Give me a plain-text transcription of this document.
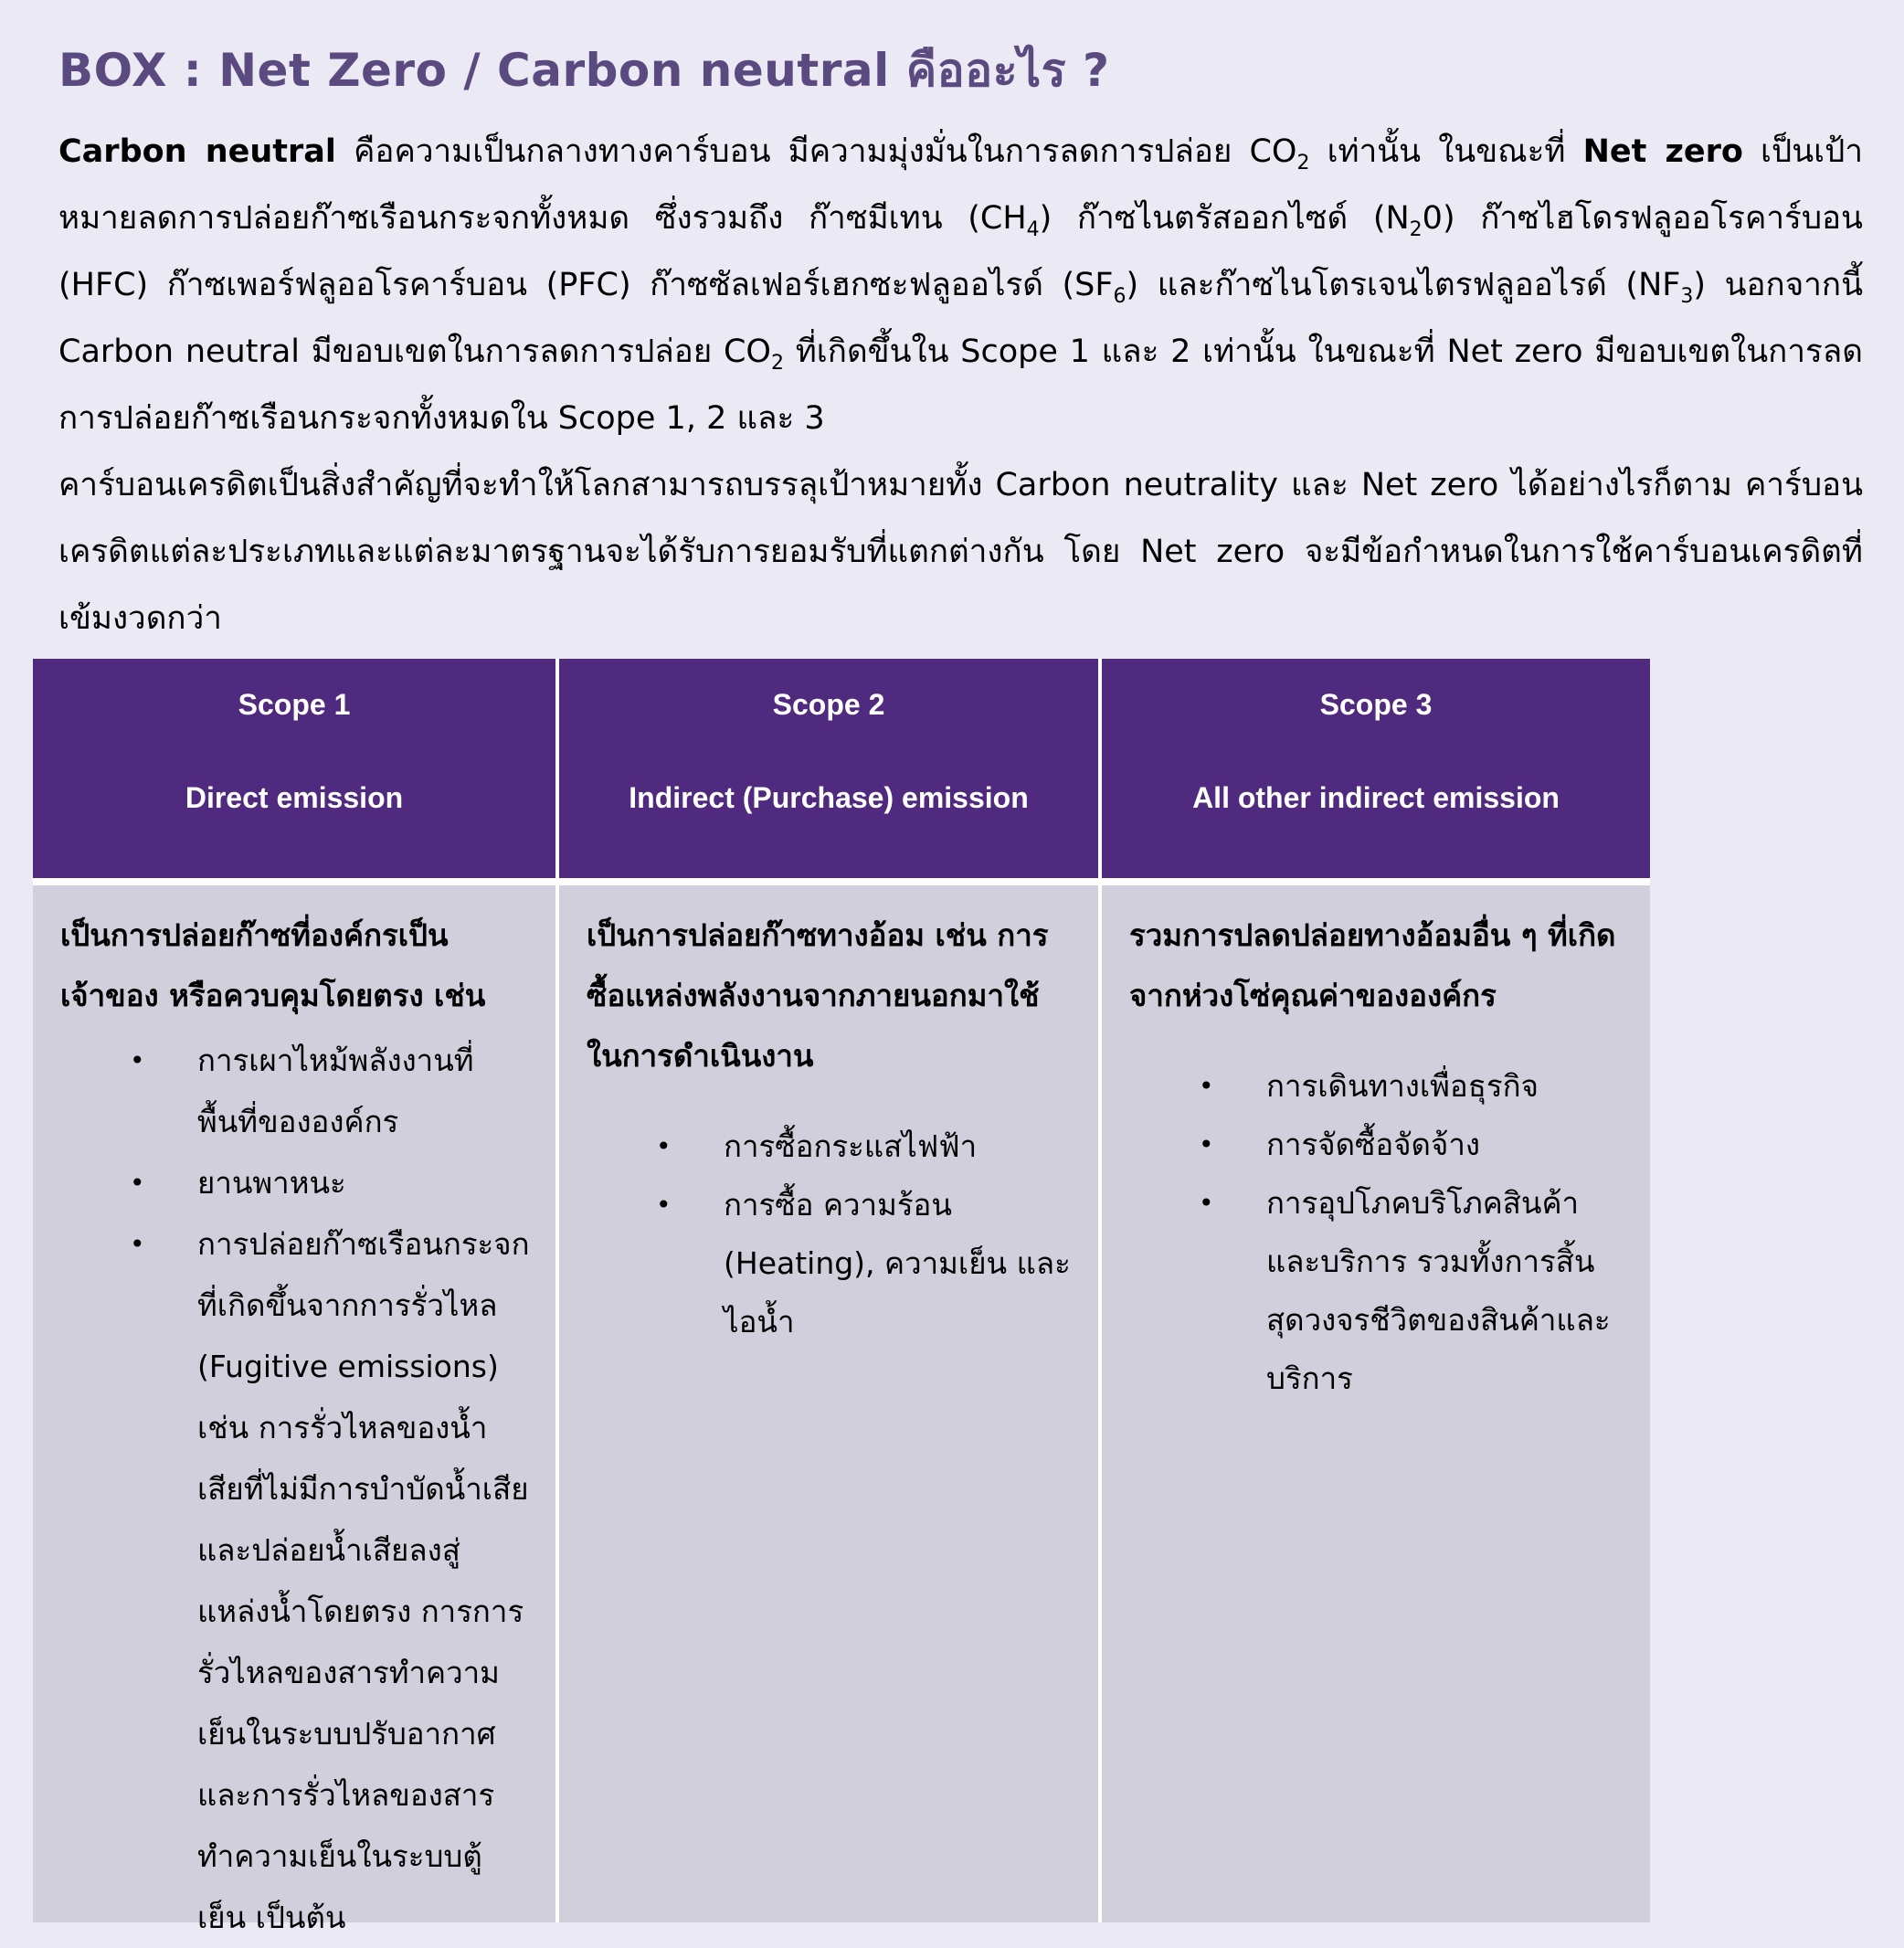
BOX : Net Zero / Carbon neutral คืออะไร ?

Carbon neutral คือความเป็นกลางทางคาร์บอน มีความมุ่งมั่นในการลดการปล่อย $CO_2$ เท่านั้น ในขณะที่ Net zero เป็นเป้าหมายลดการปล่อยก๊าซเรือนกระจกทั้งหมด ซึ่งรวมถึง ก๊าซมีเทน $(CH_4)$ ก๊าซไนตรัสออกไซด์ $(N_20)$ ก๊าซไฮโดรฟลูออโรคาร์บอน (HFC) ก๊าซเพอร์ฟลูออโรคาร์บอน (PFC) ก๊าซซัลเฟอร์เฮกซะฟลูออไรด์ $(SF_6)$ และก๊าซไนโตรเจนไตรฟลูออไรด์ $(NF_3)$ นอกจากนี้ Carbon neutral มีขอบเขตในการลดการปล่อย $CO_2$ ที่เกิดขึ้นใน Scope 1 และ 2 เท่านั้น ในขณะที่ Net zero มีขอบเขตในการลดการปล่อยก๊าซเรือนกระจกทั้งหมดใน Scope 1, 2 และ 3

คาร์บอนเครดิตเป็นสิ่งสำคัญที่จะทำให้โลกสามารถบรรลุเป้าหมายทั้ง Carbon neutrality และ Net zero ได้อย่างไรก็ตาม คาร์บอนเครดิตแต่ละประเภทและแต่ละมาตรฐานจะได้รับการยอมรับที่แตกต่างกัน โดย Net zero จะมีข้อกำหนดในการใช้คาร์บอนเครดิตที่เข้มงวดกว่า

Scope 1
Direct emission
Scope 2
Indirect (Purchase) emission
Scope 3
All other indirect emission

เป็นการปล่อยก๊าซที่องค์กรเป็นเจ้าของ หรือควบคุมโดยตรง เช่น

• การเผาไหม้พลังงานที่พื้นที่ขององค์กร
• ยานพาหนะ
• การปล่อยก๊าซเรือนกระจกที่เกิดขึ้นจากการรั่วไหล (Fugitive emissions) เช่น การรั่วไหลของน้ำเสียที่ไม่มีการบำบัดน้ำเสียและปล่อยน้ำเสียลงสู่แหล่งน้ำโดยตรง การการรั่วไหลของสารทำความเย็นในระบบปรับอากาศ และการรั่วไหลของสารทำความเย็นในระบบตู้เย็น เป็นต้น

เป็นการปล่อยก๊าซทางอ้อม เช่น การซื้อแหล่งพลังงานจากภายนอกมาใช้ในการดำเนินงาน

• การซื้อกระแสไฟฟ้า
• การซื้อ ความร้อน (Heating), ความเย็น และไอน้ำ

รวมการปลดปล่อยทางอ้อมอื่น ๆ ที่เกิดจากห่วงโซ่คุณค่าขององค์กร

• การเดินทางเพื่อธุรกิจ
• การจัดซื้อจัดจ้าง
• การอุปโภคบริโภคสินค้าและบริการ รวมทั้งการสิ้นสุดวงจรชีวิตของสินค้าและบริการ
